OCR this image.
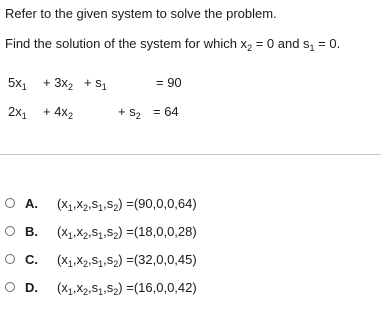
Refer to the given system to solve the problem.
Find the solution of the system for which $x_2 = 0$ and $s_1 = 0$.
$5x_1 + 3x_2 + s_1$	= 90
$2x_1 + 4x_2$	+ $s_2 = 64$
A.	$(x_1,x_2,s_1,s_2) = (90,0,0,64)$
B.	$(x_1,x_2,s_1,s_2) = (18,0,0,28)$
C.	$(x_1,x_2,s_1,s_2) = (32,0,0,45)$
D.	$(x_1,x_2,s_1,s_2) = (16,0,0,42)$
